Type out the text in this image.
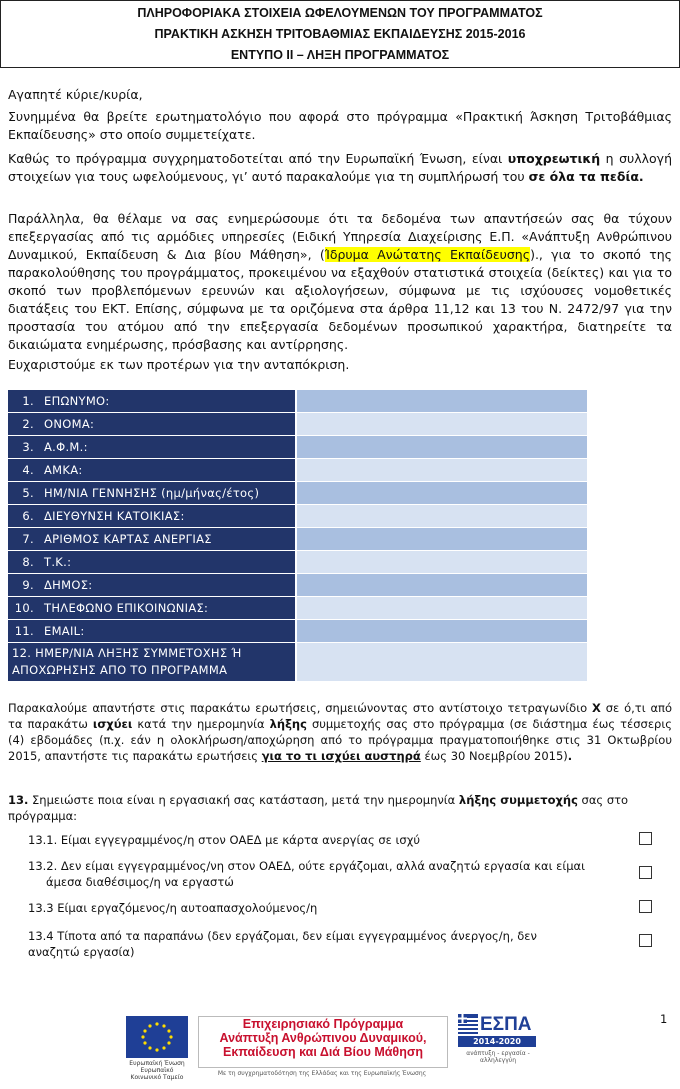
ΠΛΗΡΟΦΟΡΙΑΚΑ ΣΤΟΙΧΕΙΑ ΩΦΕΛΟΥΜΕΝΩΝ ΤΟΥ ΠΡΟΓΡΑΜΜΑΤΟΣ
ΠΡΑΚΤΙΚΗ ΑΣΚΗΣΗ ΤΡΙΤΟΒΑΘΜΙΑΣ ΕΚΠΑΙΔΕΥΣΗΣ 2015-2016
ΕΝΤΥΠΟ ΙΙ – ΛΗΞΗ ΠΡΟΓΡΑΜΜΑΤΟΣ
Αγαπητέ κύριε/κυρία,
Συνημμένα θα βρείτε ερωτηματολόγιο που αφορά στο πρόγραμμα «Πρακτική Άσκηση Τριτοβάθμιας Εκπαίδευσης» στο οποίο συμμετείχατε.
Καθώς το πρόγραμμα συγχρηματοδοτείται από την Ευρωπαϊκή Ένωση, είναι υποχρεωτική η συλλογή στοιχείων για τους ωφελούμενους, γι’ αυτό παρακαλούμε για τη συμπλήρωσή του σε όλα τα πεδία.
Παράλληλα, θα θέλαμε να σας ενημερώσουμε ότι τα δεδομένα των απαντήσεών σας θα τύχουν επεξεργασίας από τις αρμόδιες υπηρεσίες (Ειδική Υπηρεσία Διαχείρισης Ε.Π. «Ανάπτυξη Ανθρώπινου Δυναμικού, Εκπαίδευση & Δια βίου Μάθηση», (Ίδρυμα Ανώτατης Εκπαίδευσης)., για το σκοπό της παρακολούθησης του προγράμματος, προκειμένου να εξαχθούν στατιστικά στοιχεία (δείκτες) και για το σκοπό των προβλεπόμενων ερευνών και αξιολογήσεων, σύμφωνα με τις ισχύουσες νομοθετικές διατάξεις του ΕΚΤ. Επίσης, σύμφωνα με τα οριζόμενα στα άρθρα 11,12 και 13 του Ν. 2472/97 για την προστασία του ατόμου από την επεξεργασία δεδομένων προσωπικού χαρακτήρα, διατηρείτε τα δικαιώματα ενημέρωσης, πρόσβασης και αντίρρησης.
Ευχαριστούμε εκ των προτέρων για την ανταπόκριση.
1. ΕΠΩΝΥΜΟ:	
2. ΟΝΟΜΑ:	
3. Α.Φ.Μ.:	
4. ΑΜΚΑ:	
5. ΗΜ/ΝΙΑ ΓΕΝΝΗΣΗΣ (ημ/μήνας/έτος)	
6. ΔΙΕΥΘΥΝΣΗ ΚΑΤΟΙΚΙΑΣ:	
7. ΑΡΙΘΜΟΣ ΚΑΡΤΑΣ ΑΝΕΡΓΙΑΣ	
8. Τ.Κ.:	
9. ΔΗΜΟΣ:	
10. ΤΗΛΕΦΩΝΟ ΕΠΙΚΟΙΝΩΝΙΑΣ:	
11. EMAIL:	

12. ΗΜΕΡ/ΝΙΑ ΛΗΞΗΣ ΣΥΜΜΕΤΟΧΗΣ Ή
ΑΠΟΧΩΡΗΣΗΣ ΑΠΟ ΤΟ ΠΡΟΓΡΑΜΜΑ	

Παρακαλούμε απαντήστε στις παρακάτω ερωτήσεις, σημειώνοντας στο αντίστοιχο τετραγωνίδιο Χ σε ό,τι από τα παρακάτω ισχύει κατά την ημερομηνία λήξης συμμετοχής σας στο πρόγραμμα (σε διάστημα έως τέσσερις (4) εβδομάδες (π.χ. εάν η ολοκλήρωση/αποχώρηση από το πρόγραμμα πραγματοποιήθηκε στις 31 Οκτωβρίου 2015, απαντήστε τις παρακάτω ερωτήσεις για το τι ισχύει αυστηρά έως 30 Νοεμβρίου 2015).
13. Σημειώστε ποια είναι η εργασιακή σας κατάσταση, μετά την ημερομηνία λήξης συμμετοχής σας στο πρόγραμμα:
13.1. Είμαι εγγεγραμμένος/η στον ΟΑΕΔ με κάρτα ανεργίας σε ισχύ
13.2. Δεν είμαι εγγεγραμμένος/νη στον ΟΑΕΔ, ούτε εργάζομαι, αλλά αναζητώ εργασία και είμαι άμεσα διαθέσιμος/η να εργαστώ
13.3 Είμαι εργαζόμενος/η αυτοαπασχολούμενος/η
13.4 Τίποτα από τα παραπάνω (δεν εργάζομαι, δεν είμαι εγγεγραμμένος άνεργος/η, δεν αναζητώ εργασία)
Ευρωπαϊκή Ένωση Ευρωπαϊκό Κοινωνικό Ταμείο
Επιχειρησιακό Πρόγραμμα
Ανάπτυξη Ανθρώπινου Δυναμικού,
Εκπαίδευση και Διά Βίου Μάθηση
Με τη συγχρηματοδότηση της Ελλάδας και της Ευρωπαϊκής Ένωσης
ΕΣΠΑ
2014-2020
ανάπτυξη - εργασία - αλληλεγγύη
1
